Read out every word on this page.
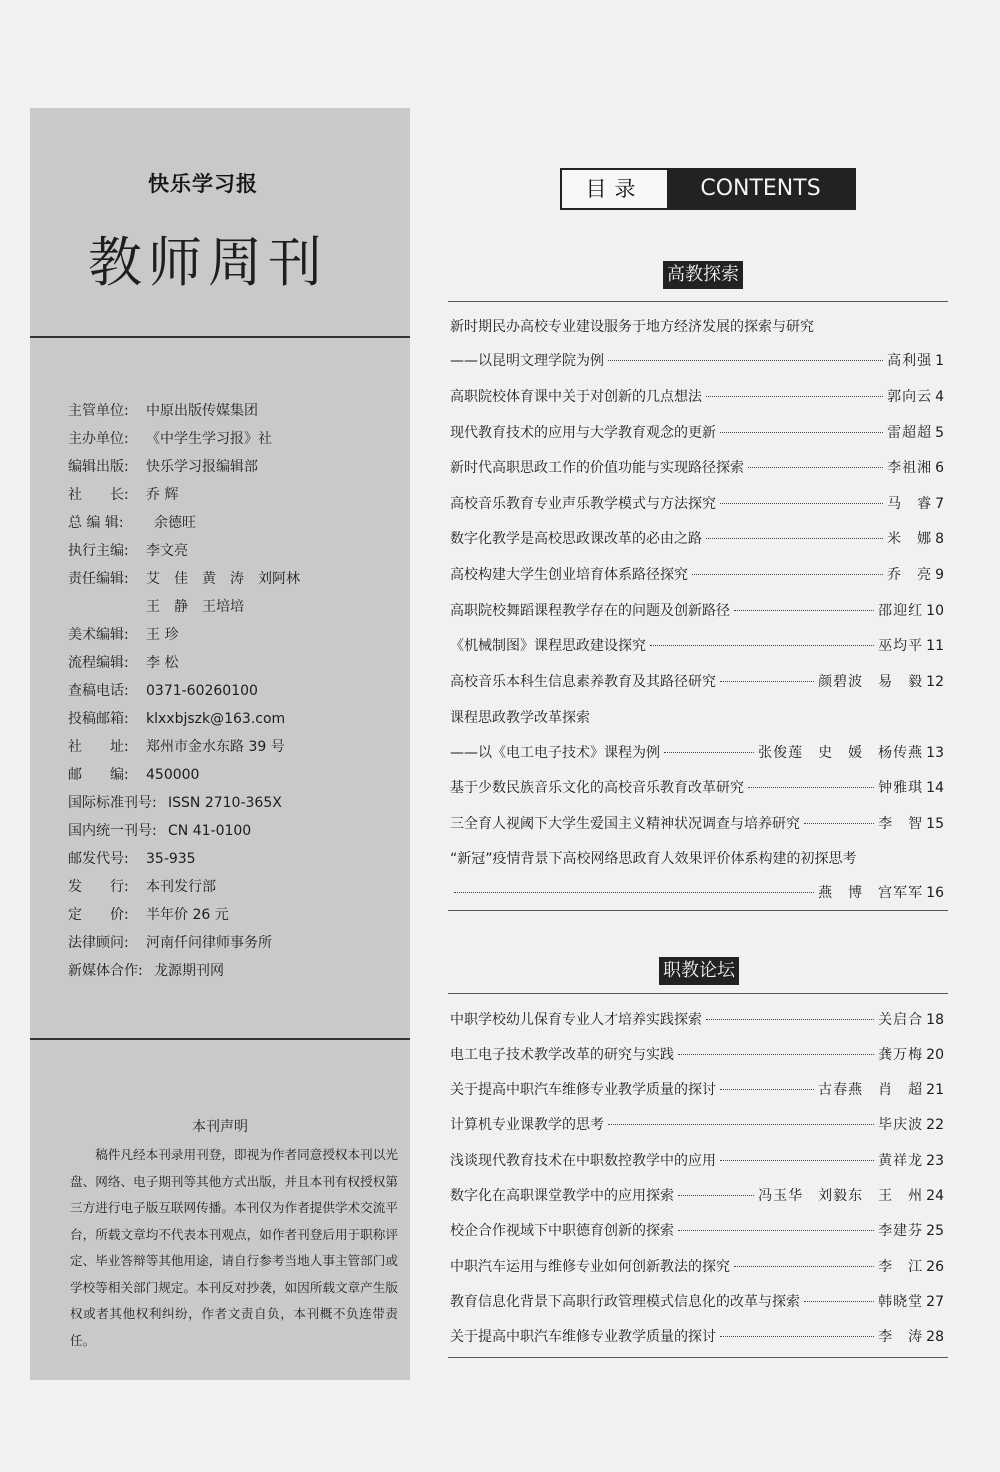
快乐学习报
教师周刊
主管单位: 中原出版传媒集团
主办单位: 《中学生学习报》社
编辑出版: 快乐学习报编辑部
社　　长: 乔 辉
总 编 辑: 余德旺
执行主编: 李文亮
责任编辑: 艾　佳　黄　涛　刘阿林
王　静　王培培
美术编辑: 王 珍
流程编辑: 李 松
查稿电话: 0371-60260100
投稿邮箱: klxxbjszk@163.com
社　　址: 郑州市金水东路 39 号
邮　　编: 450000
国际标准刊号: ISSN 2710-365X
国内统一刊号: CN 41-0100
邮发代号: 35-935
发　　行: 本刊发行部
定　　价: 半年价 26 元
法律顾问: 河南仟问律师事务所
新媒体合作: 龙源期刊网
本刊声明
稿件凡经本刊录用刊登，即视为作者同意授权本刊以光盘、网络、电子期刊等其他方式出版，并且本刊有权授权第三方进行电子版互联网传播。本刊仅为作者提供学术交流平台，所载文章均不代表本刊观点，如作者刊登后用于职称评定、毕业答辩等其他用途，请自行参考当地人事主管部门或学校等相关部门规定。本刊反对抄袭，如因所载文章产生版权或者其他权利纠纷，作者文责自负，本刊概不负连带责任。
目录	CONTENTS
高教探索
职教论坛
新时期民办高校专业建设服务于地方经济发展的探索与研究
——以昆明文理学院为例	高利强 1
高职院校体育课中关于对创新的几点想法	郭向云 4
现代教育技术的应用与大学教育观念的更新	雷超超 5
新时代高职思政工作的价值功能与实现路径探索	李祖湘 6
高校音乐教育专业声乐教学模式与方法探究	马　睿 7
数字化教学是高校思政课改革的必由之路	米　娜 8
高校构建大学生创业培育体系路径探究	乔　亮 9
高职院校舞蹈课程教学存在的问题及创新路径	邵迎红 10
《机械制图》课程思政建设探究	巫均平 11
高校音乐本科生信息素养教育及其路径研究	颜碧波　易　毅 12
课程思政教学改革探索
——以《电工电子技术》课程为例	张俊莲　史　媛　杨传燕 13
基于少数民族音乐文化的高校音乐教育改革研究	钟雅琪 14
三全育人视阈下大学生爱国主义精神状况调查与培养研究	李　智 15
“新冠”疫情背景下高校网络思政育人效果评价体系构建的初探思考
燕　博　宫军军 16
中职学校幼儿保育专业人才培养实践探索	关启合 18
电工电子技术教学改革的研究与实践	龚万梅 20
关于提高中职汽车维修专业教学质量的探讨	古春燕　肖　超 21
计算机专业课教学的思考	毕庆波 22
浅谈现代教育技术在中职数控教学中的应用	黄祥龙 23
数字化在高职课堂教学中的应用探索	冯玉华　刘毅东　王　州 24
校企合作视域下中职德育创新的探索	李建芬 25
中职汽车运用与维修专业如何创新教法的探究	李　江 26
教育信息化背景下高职行政管理模式信息化的改革与探索	韩晓堂 27
关于提高中职汽车维修专业教学质量的探讨	李　涛 28
